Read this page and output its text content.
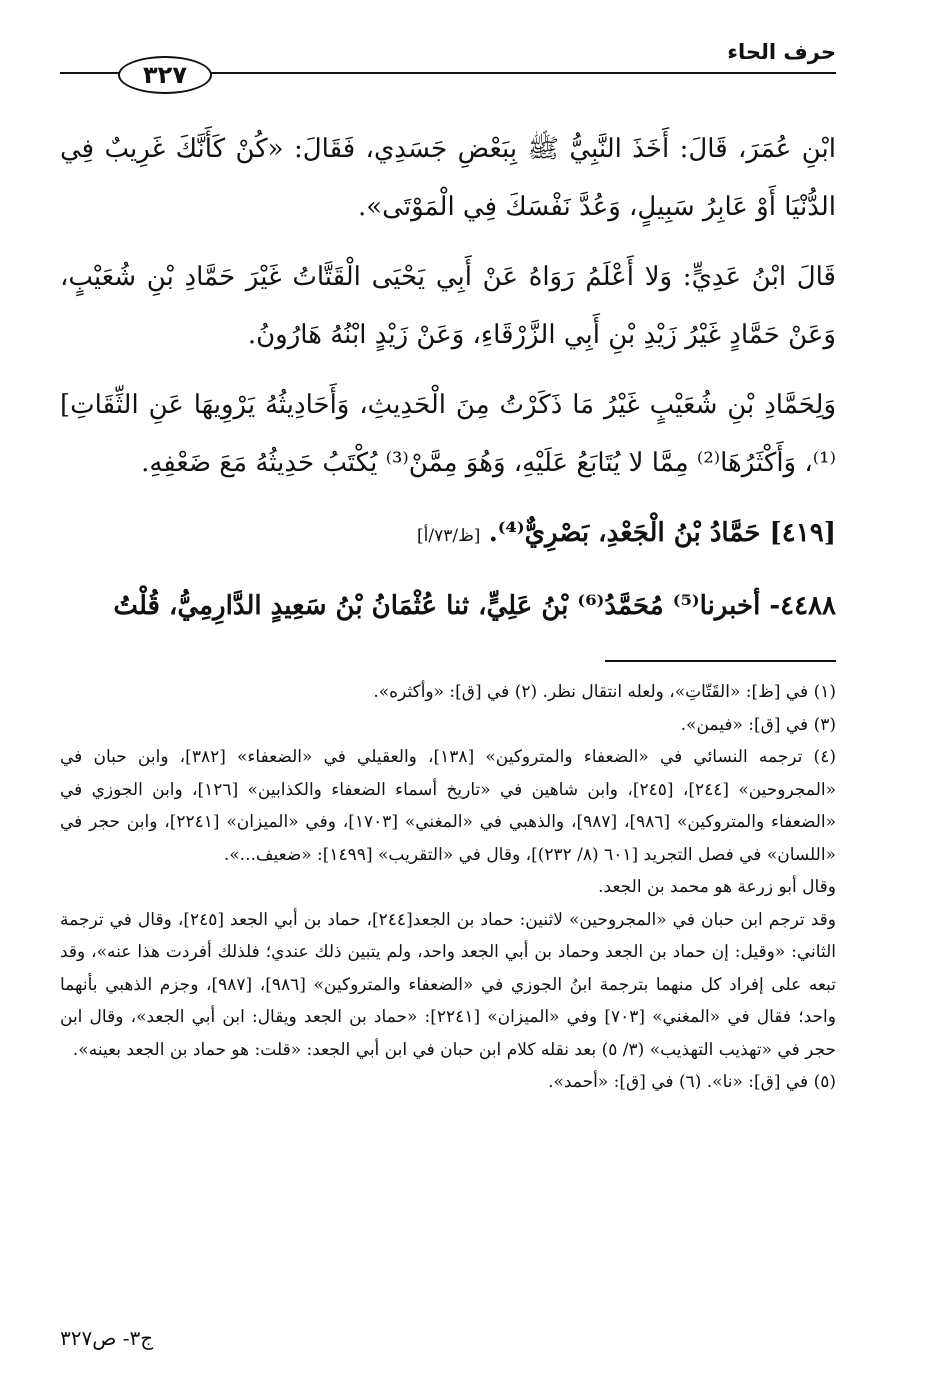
حرف الحاء
٣٢٧

ابْنِ عُمَرَ، قَالَ: أَخَذَ النَّبِيُّ ﷺ بِبَعْضِ جَسَدِي، فَقَالَ: «كُنْ كَأَنَّكَ غَرِيبٌ فِي الدُّنْيَا أَوْ عَابِرُ سَبِيلٍ، وَعُدَّ نَفْسَكَ فِي الْمَوْتَى».

قَالَ ابْنُ عَدِيٍّ: وَلا أَعْلَمُ رَوَاهُ عَنْ أَبِي يَحْيَى الْقَتَّاتُ غَيْرَ حَمَّادِ بْنِ شُعَيْبٍ، وَعَنْ حَمَّادٍ غَيْرُ زَيْدِ بْنِ أَبِي الزَّرْقَاءِ، وَعَنْ زَيْدٍ ابْنُهُ هَارُونُ.

وَلِحَمَّادِ بْنِ شُعَيْبٍ غَيْرُ مَا ذَكَرْتُ مِنَ الْحَدِيثِ، وَأَحَادِيثُهُ يَرْوِيهَا عَنِ الثِّقَاتِ]⁽¹⁾، وَأَكْثَرُهَا⁽²⁾ مِمَّا لا يُتَابَعُ عَلَيْهِ، وَهُوَ مِمَّنْ⁽³⁾ يُكْتَبُ حَدِيثُهُ مَعَ ضَعْفِهِ.

[٤١٩] حَمَّادُ بْنُ الْجَعْدِ، بَصْرِيٌّ⁽⁴⁾. [ظ/٧٣/أ]

٤٤٨٨- أخبرنا⁽⁵⁾ مُحَمَّدُ⁽⁶⁾ بْنُ عَلِيٍّ، ثنا عُثْمَانُ بْنُ سَعِيدٍ الدَّارِمِيُّ، قُلْتُ

(١) في [ظ]: «القَتّاتِ»، ولعله انتقال نظر. (٢) في [ق]: «وأكثره».

(٣) في [ق]: «فيمن».

(٤) ترجمه النسائي في «الضعفاء والمتروكين» [١٣٨]، والعقيلي في «الضعفاء» [٣٨٢]، وابن حبان في «المجروحين» [٢٤٤]، [٢٤٥]، وابن شاهين في «تاريخ أسماء الضعفاء والكذابين» [١٢٦]، وابن الجوزي في «الضعفاء والمتروكين» [٩٨٦]، [٩٨٧]، والذهبي في «المغني» [١٧٠٣]، وفي «الميزان» [٢٢٤١]، وابن حجر في «اللسان» في فصل التجريد [٦٠١ (٨/ ٢٣٢)]، وقال في «التقريب» [١٤٩٩]: «ضعيف...».

وقال أبو زرعة هو محمد بن الجعد.

وقد ترجم ابن حبان في «المجروحين» لاثنين: حماد بن الجعد[٢٤٤]، حماد بن أبي الجعد [٢٤٥]، وقال في ترجمة الثاني: «وقيل: إن حماد بن الجعد وحماد بن أبي الجعد واحد، ولم يتبين ذلك عندي؛ فلذلك أفردت هذا عنه»، وقد تبعه على إفراد كل منهما بترجمة ابنُ الجوزي في «الضعفاء والمتروكين» [٩٨٦]، [٩٨٧]، وجزم الذهبي بأنهما واحد؛ فقال في «المغني» [٧٠٣] وفي «الميزان» [٢٢٤١]: «حماد بن الجعد ويقال: ابن أبي الجعد»، وقال ابن حجر في «تهذيب التهذيب» (٣/ ٥) بعد نقله كلام ابن حبان في ابن أبي الجعد: «قلت: هو حماد بن الجعد بعينه».

(٥) في [ق]: «نا». (٦) في [ق]: «أحمد».

ج٣- ص٣٢٧
